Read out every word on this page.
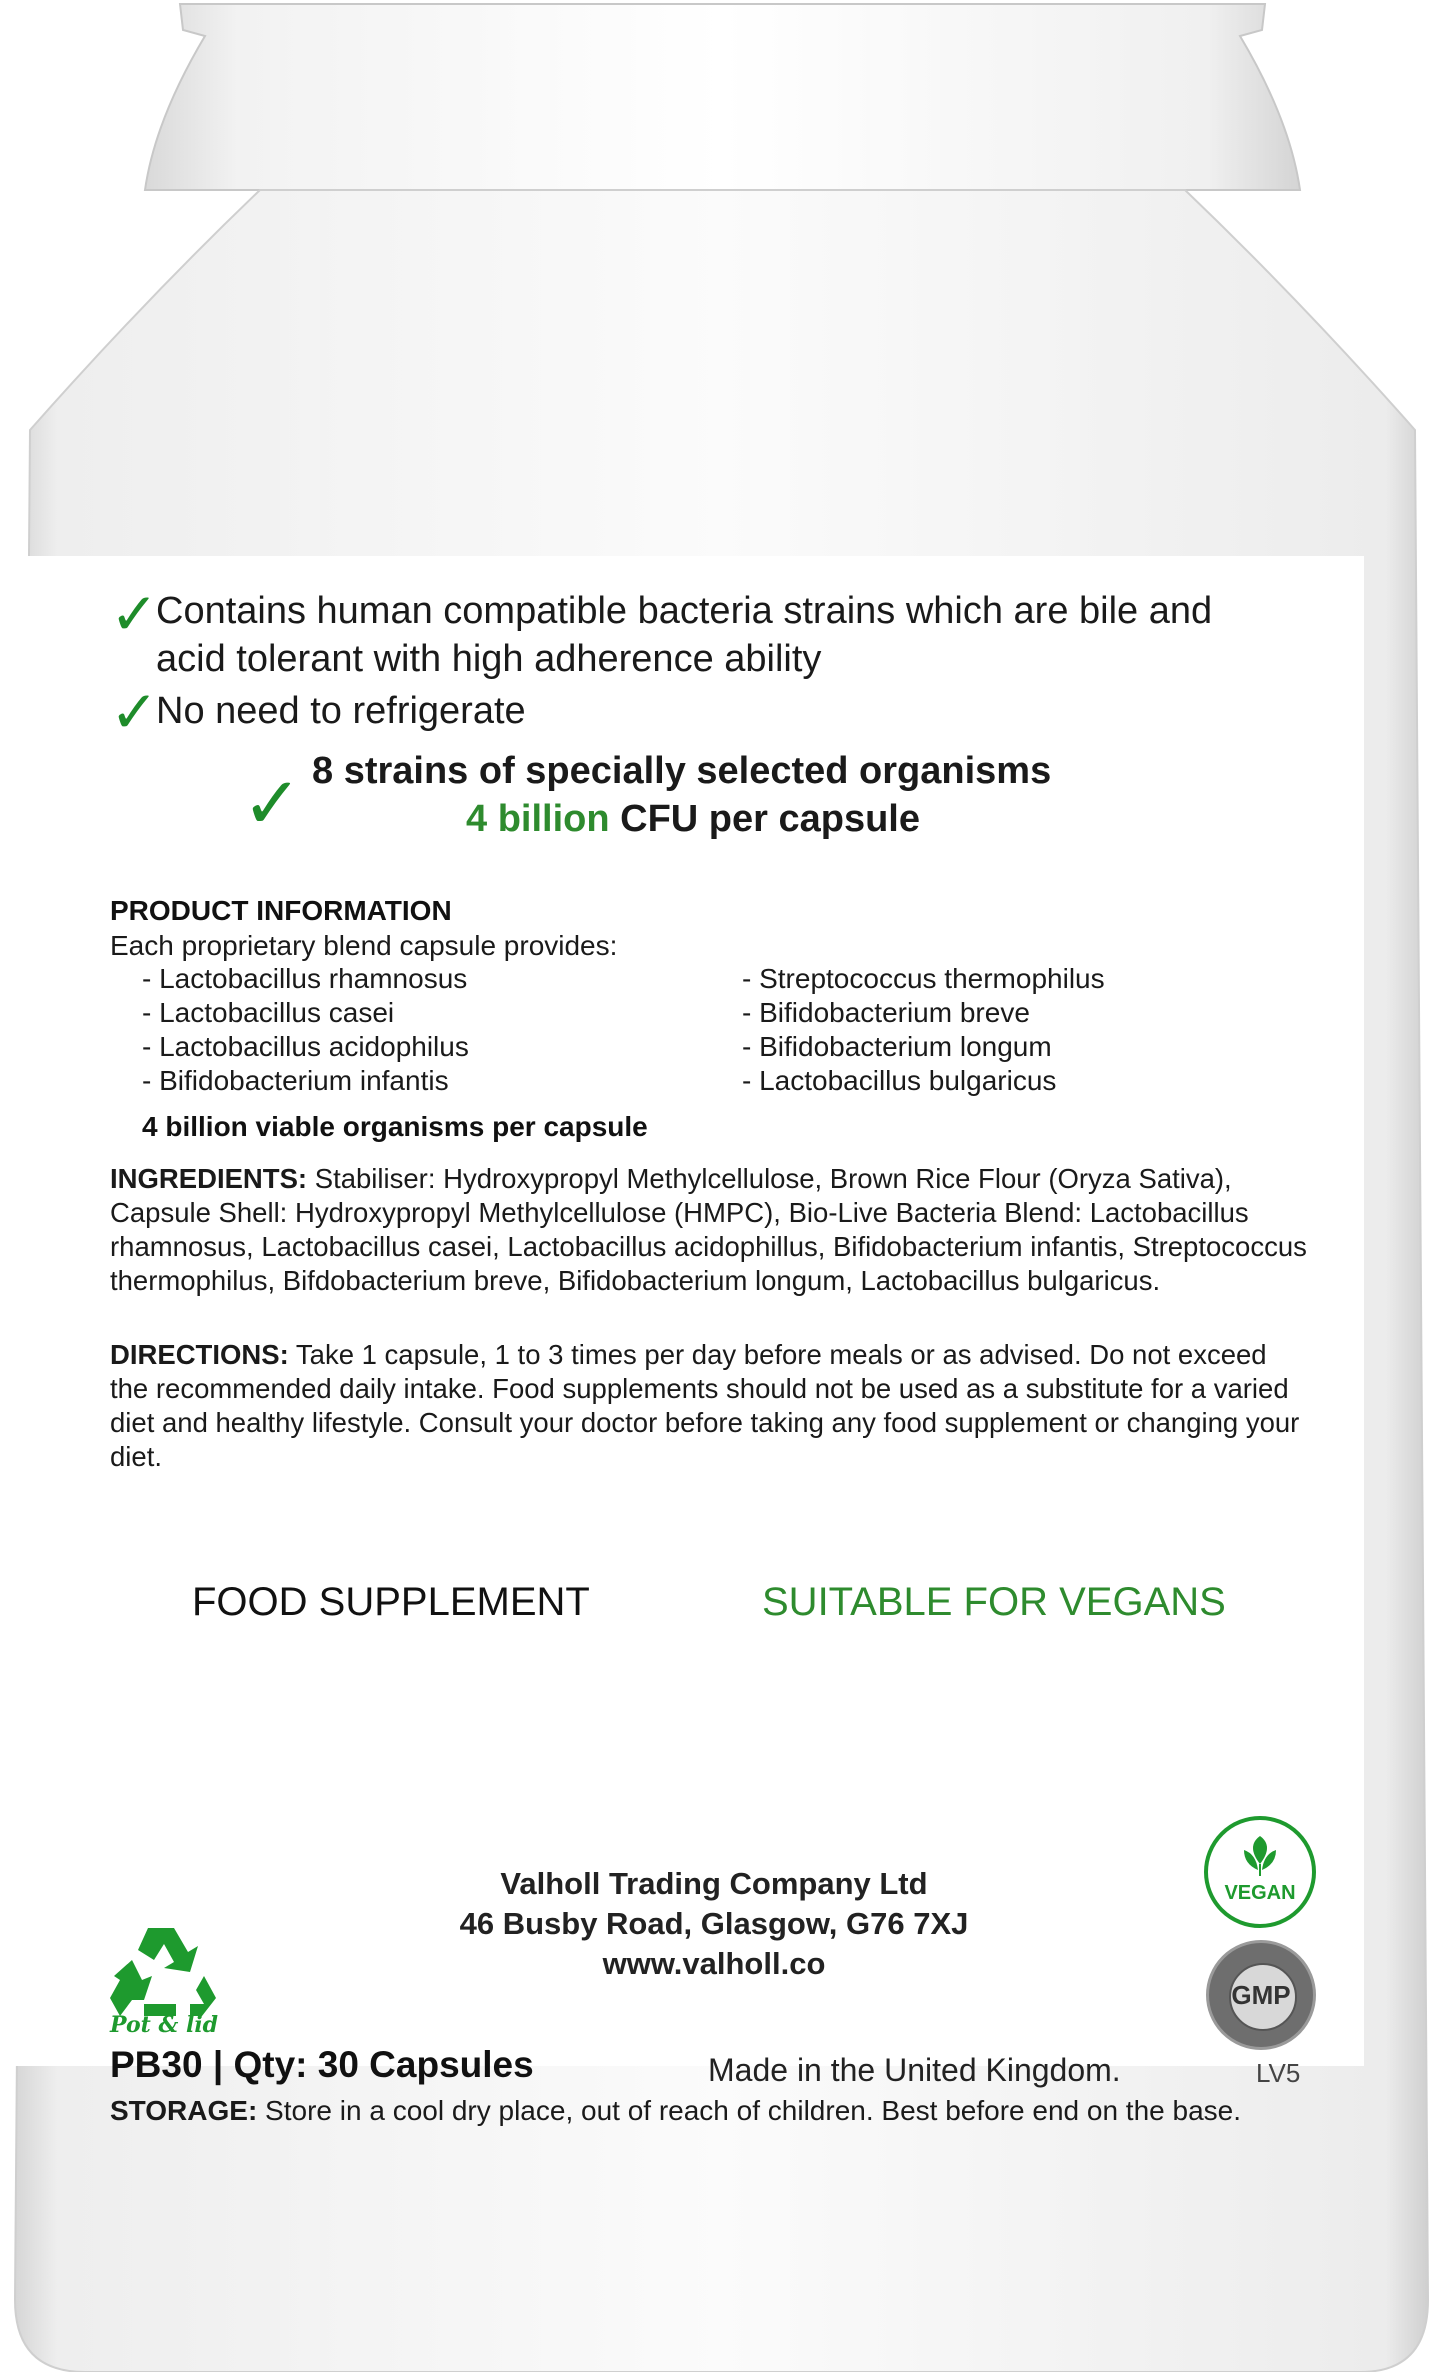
✓
Contains human compatible bacteria strains which are bile and
acid tolerant with high adherence ability
✓
No need to refrigerate
✓ 8 strains of specially selected organisms
4 billion CFU per capsule
PRODUCT INFORMATION
Each proprietary blend capsule provides:
- Lactobacillus rhamnosus
- Lactobacillus casei
- Lactobacillus acidophilus
- Bifidobacterium infantis
- Streptococcus thermophilus
- Bifidobacterium breve
- Bifidobacterium longum
- Lactobacillus bulgaricus
4 billion viable organisms per capsule
INGREDIENTS: Stabiliser: Hydroxypropyl Methylcellulose, Brown Rice Flour (Oryza Sativa), Capsule Shell: Hydroxypropyl Methylcellulose (HMPC), Bio-Live Bacteria Blend: Lactobacillus rhamnosus, Lactobacillus casei, Lactobacillus acidophillus, Bifidobacterium infantis, Streptococcus thermophilus, Bifdobacterium breve, Bifidobacterium longum, Lactobacillus bulgaricus.
DIRECTIONS: Take 1 capsule, 1 to 3 times per day before meals or as advised. Do not exceed the recommended daily intake. Food supplements should not be used as a substitute for a varied diet and healthy lifestyle. Consult your doctor before taking any food supplement or changing your diet.
FOOD SUPPLEMENT	SUITABLE FOR VEGANS
Valholl Trading Company Ltd
46 Busby Road, Glasgow, G76 7XJ
www.valholl.co
Pot & lid
VEGAN
GMP
PB30 | Qty: 30 Capsules	Made in the United Kingdom.	LV5
STORAGE: Store in a cool dry place, out of reach of children. Best before end on the base.
